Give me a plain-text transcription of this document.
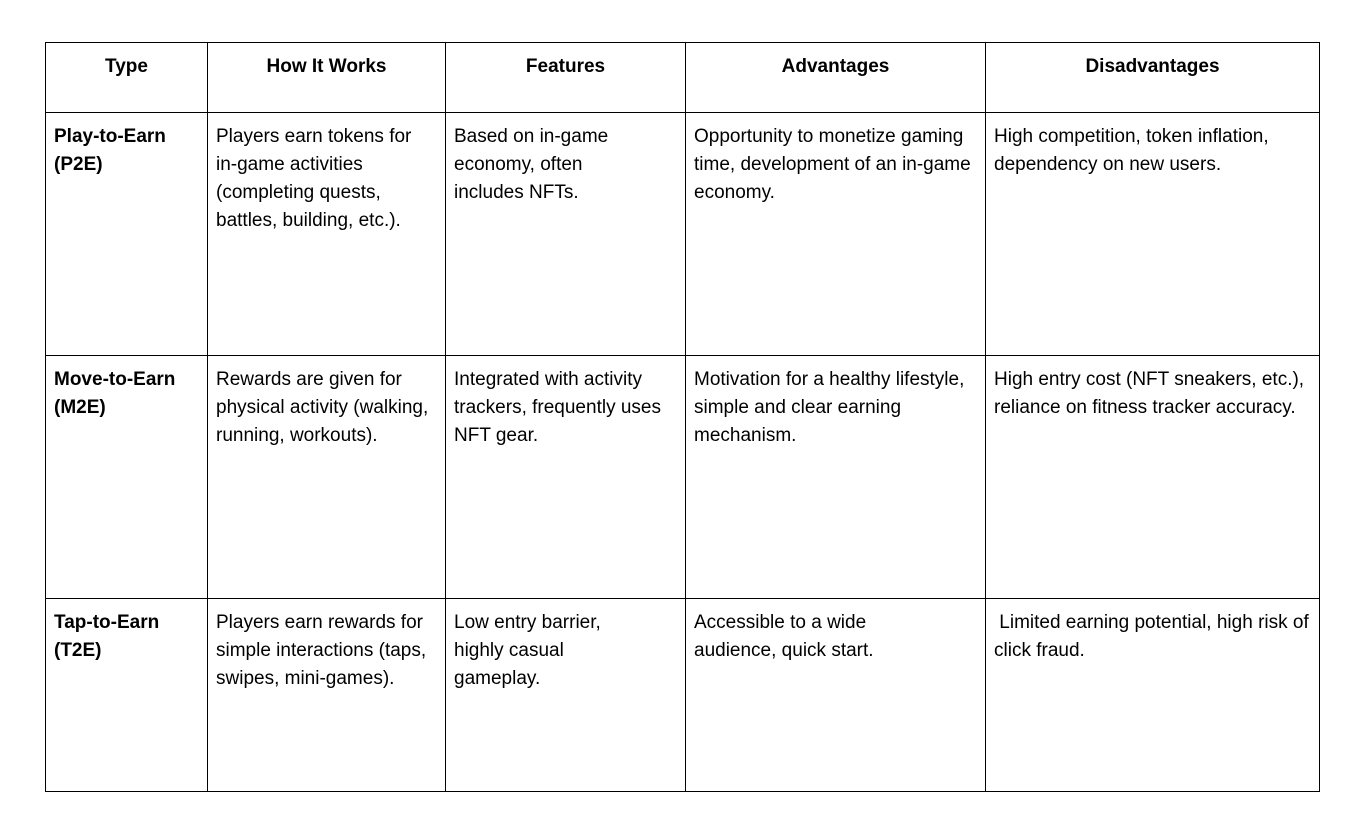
Type	How It Works	Features	Advantages	Disadvantages
Play-to-Earn (P2E)	Players earn tokens for in-game activities (completing quests, battles, building, etc.).	Based on in-game economy, often includes NFTs.	Opportunity to monetize gaming time, development of an in-game economy.	High competition, token inflation, dependency on new users.
Move-to-Earn (M2E)	Rewards are given for physical activity (walking, running, workouts).	Integrated with activity trackers, frequently uses NFT gear.	Motivation for a healthy lifestyle, simple and clear earning mechanism.	High entry cost (NFT sneakers, etc.), reliance on fitness tracker accuracy.
Tap-to-Earn (T2E)	Players earn rewards for simple interactions (taps, swipes, mini-games).	Low entry barrier, highly casual gameplay.	Accessible to a wide audience, quick start.	Limited earning potential, high risk of click fraud.
